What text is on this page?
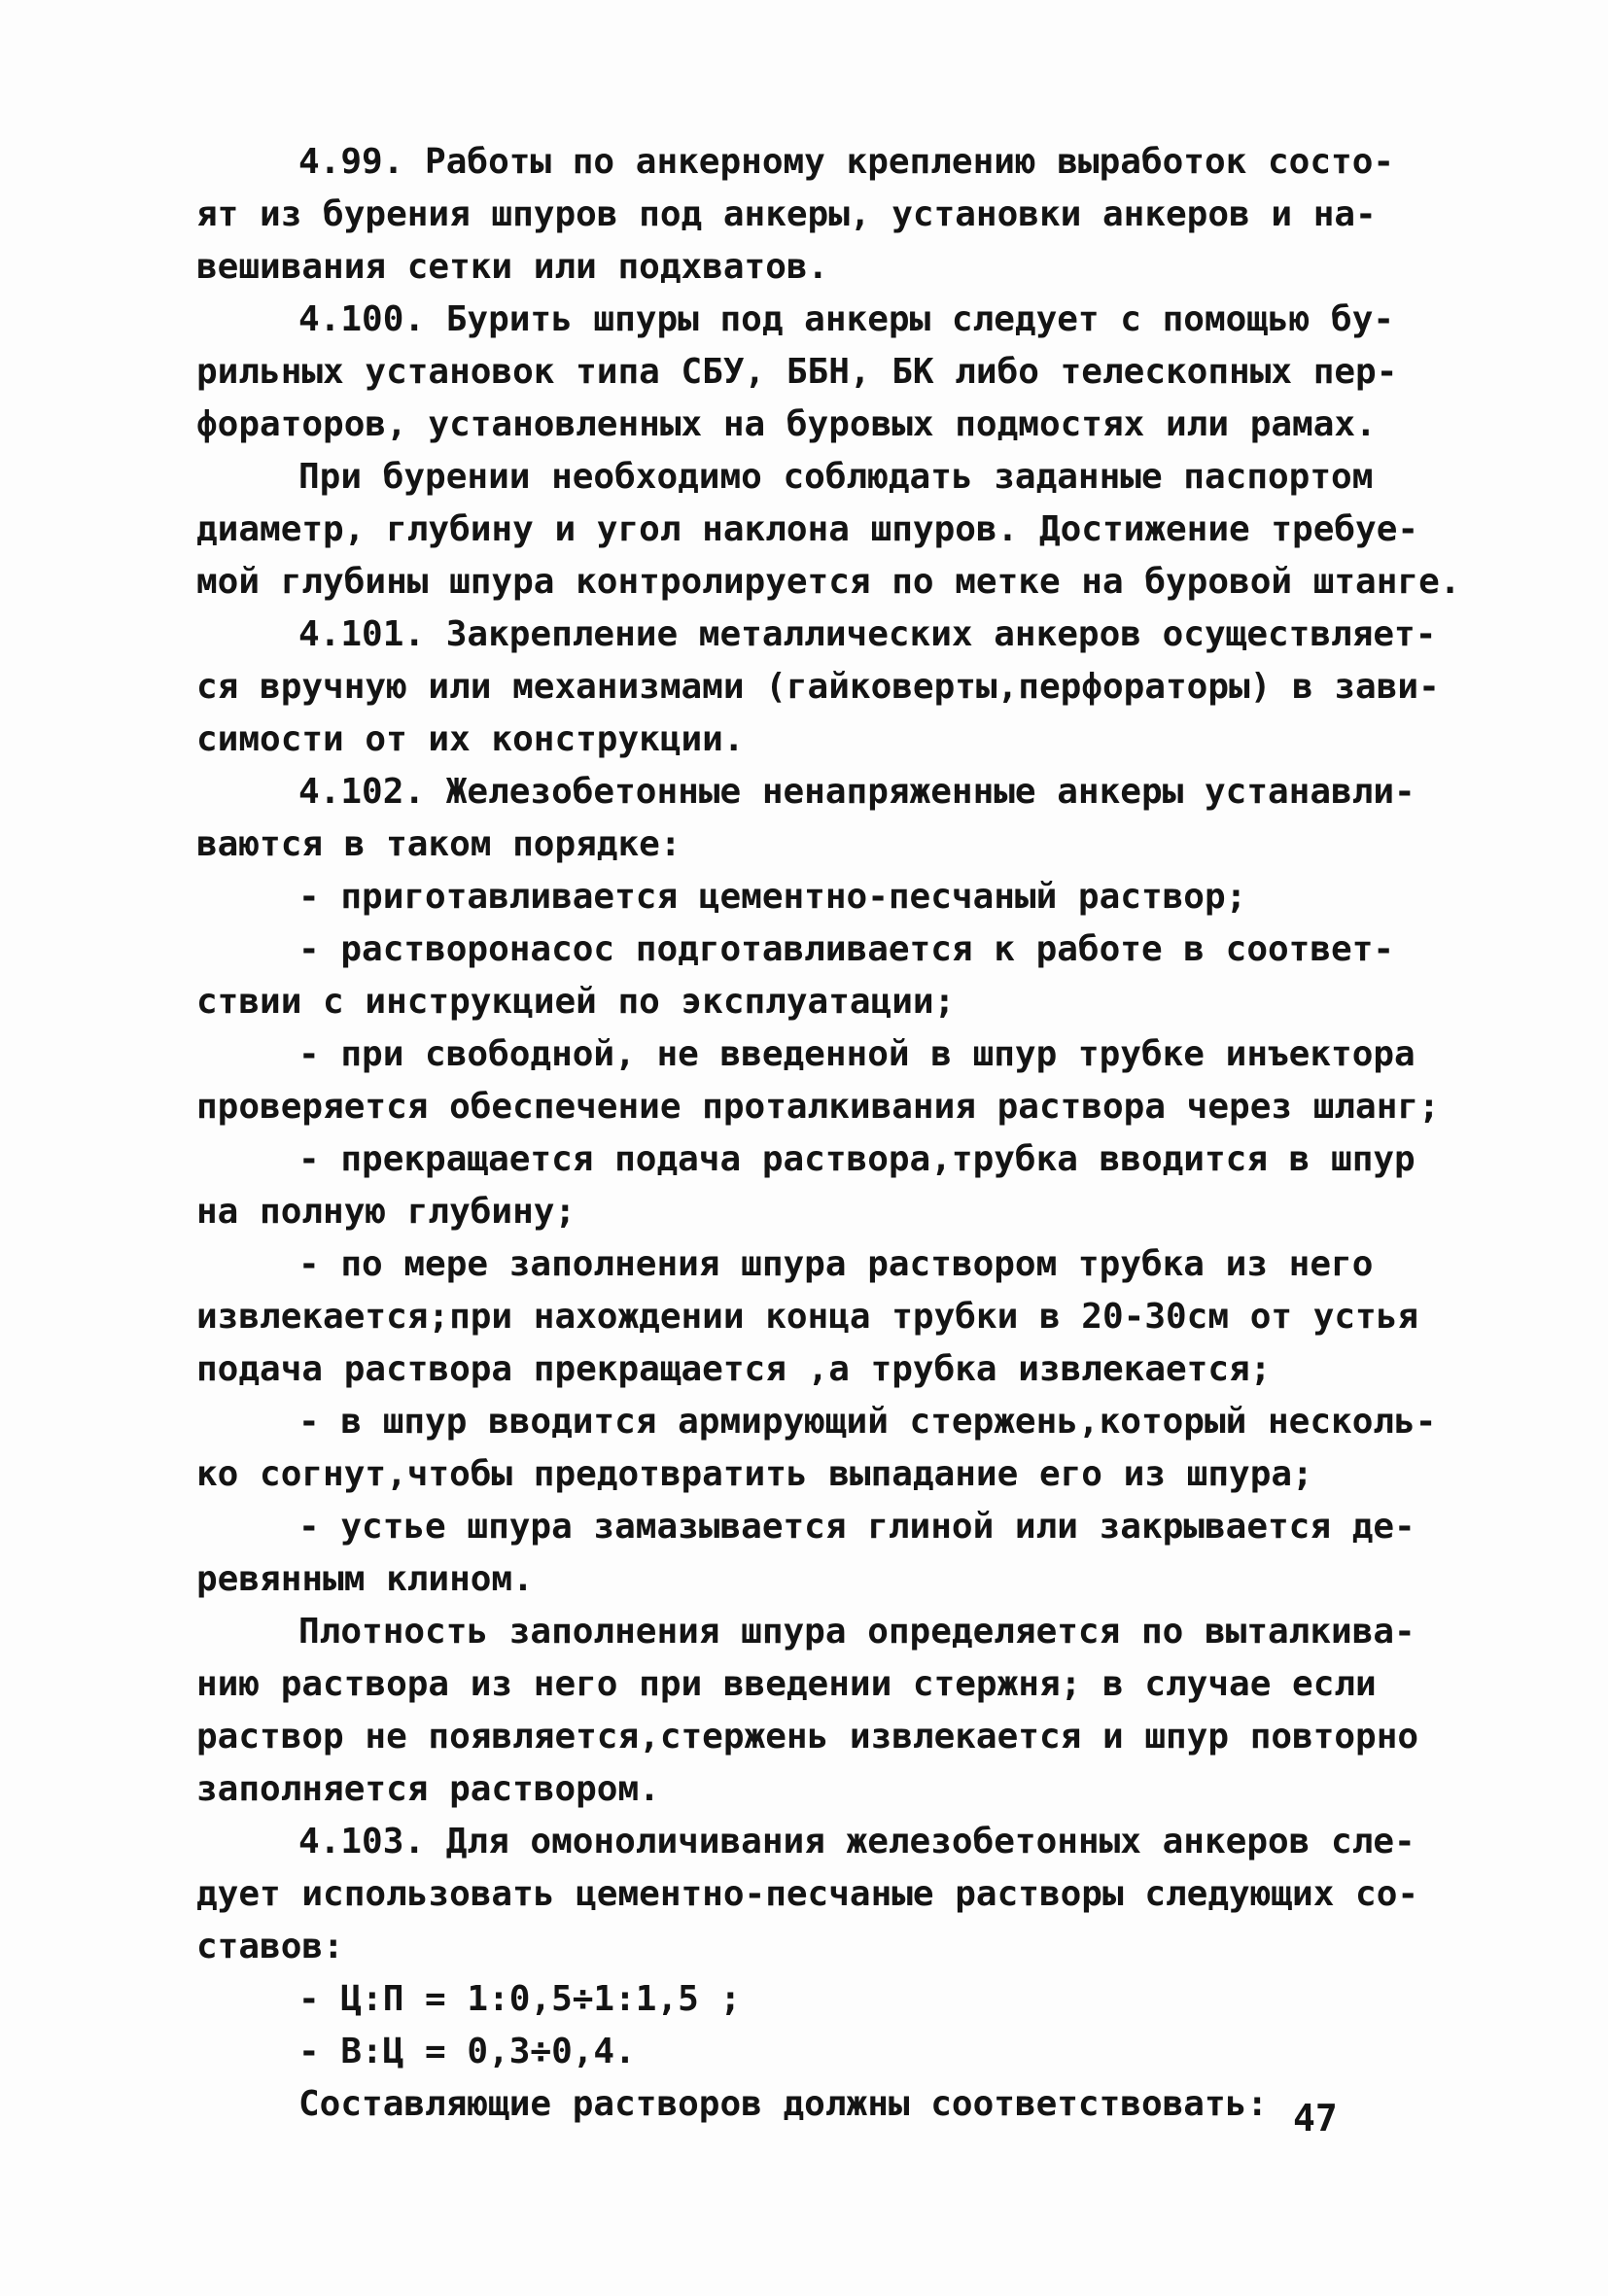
4.99. Работы по анкерному креплению выработок состо-
ят из бурения шпуров под анкеры, установки анкеров и на-
вешивания сетки или подхватов.
4.100. Бурить шпуры под анкеры следует с помощью бу-
рильных установок типа СБУ, ББН, БК либо телескопных пер-
фораторов, установленных на буровых подмостях или рамах.
При бурении необходимо соблюдать заданные паспортом
диаметр, глубину и угол наклона шпуров. Достижение требуе-
мой глубины шпура контролируется по метке на буровой штанге.
4.101. Закрепление металлических анкеров осуществляет-
ся вручную или механизмами (гайковерты,перфораторы) в зави-
симости от их конструкции.
4.102. Железобетонные ненапряженные анкеры устанавли-
ваются в таком порядке:
- приготавливается цементно-песчаный раствор;
- растворонасос подготавливается к работе в соответ-
ствии с инструкцией по эксплуатации;
- при свободной, не введенной в шпур трубке инъектора
проверяется обеспечение проталкивания раствора через шланг;
- прекращается подача раствора,трубка вводится в шпур
на полную глубину;
- по мере заполнения шпура раствором трубка из него
извлекается;при нахождении конца трубки в 20-30см от устья
подача раствора прекращается ,а трубка извлекается;
- в шпур вводится армирующий стержень,который несколь-
ко согнут,чтобы предотвратить выпадание его из шпура;
- устье шпура замазывается глиной или закрывается де-
ревянным клином.
Плотность заполнения шпура определяется по выталкива-
нию раствора из него при введении стержня; в случае если
раствор не появляется,стержень извлекается и шпур повторно
заполняется раствором.
4.103. Для омоноличивания железобетонных анкеров сле-
дует использовать цементно-песчаные растворы следующих со-
ставов:
- Ц:П = 1:0,5÷1:1,5 ;
- В:Ц = 0,3÷0,4.
Составляющие растворов должны соответствовать: 47
